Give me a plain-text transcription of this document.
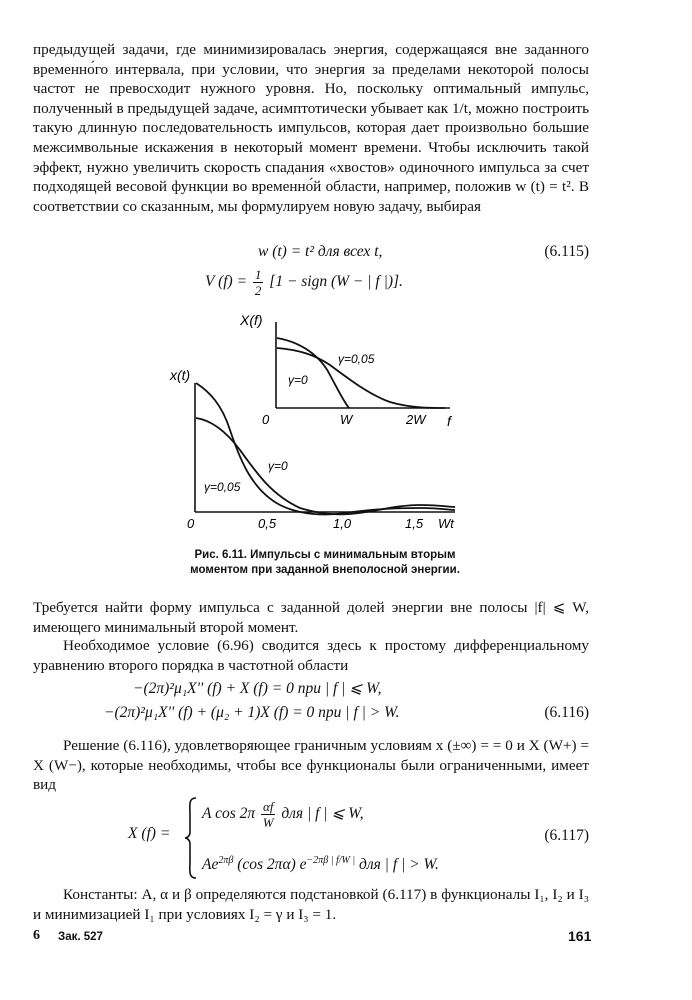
предыдущей задачи, где минимизировалась энергия, содержащаяся вне заданного временно́го интервала, при условии, что энергия за пределами некоторой полосы частот не превосходит нужного уровня. Но, поскольку оптимальный импульс, полученный в предыдущей задаче, асимптотически убывает как 1/t, можно построить такую длинную последовательность импульсов, которая дает произвольно большие межсимвольные искажения в некоторый момент времени. Чтобы исключить такой эффект, нужно увеличить скорость спадания «хвостов» одиночного импульса за счет подходящей весовой функции во временно́й области, например, положив w (t) = t². В соответствии со сказанным, мы формулируем новую задачу, выбирая

w (t) = t² для всех t,	(6.115)
V $(f) = \frac{1}{2} [1$ − sign (W − | f |)].
x(t)
Wt
0	0,5	1,0	1,5
γ=0
γ=0,05
X(f)
f
0	W	2W
γ=0,05
γ=0
Рис. 6.11. Импульсы с минимальным вторым
моментом при заданной внеполосной энергии.

Требуется найти форму импульса с заданной долей энергии вне полосы |f| ⩽ W, имеющего минимальный второй момент.

Необходимое условие (6.96) сводится здесь к простому дифференциальному уравнению второго порядка в частотной области

−(2π)²μ₁X'' (f) + X (f) = 0 при | f | ⩽ W,
−(2π)²μ₁X'' (f) + (μ₂ + 1)X (f) = 0 при | f | > W.	(6.116)

Решение (6.116), удовлетворяющее граничным условиям x (±∞) = = 0 и X (W+) = X (W−), которые необходимы, чтобы все функционалы были ограниченными, имеет вид

X (f) =
A $\cos 2\pi \frac{\alpha f}{W}$ для | f | ⩽ W,
$Ae^{2\pi\beta}$ (cos 2πα) $e^{-2\pi\beta | f/W |}$ для | f | > W.
(6.117)

Константы: A, α и β определяются подстановкой (6.117) в функционалы I₁, I₂ и I₃ и минимизацией I₁ при условиях I₂ = γ и I₃ = 1.

6 Зак. 527	161
